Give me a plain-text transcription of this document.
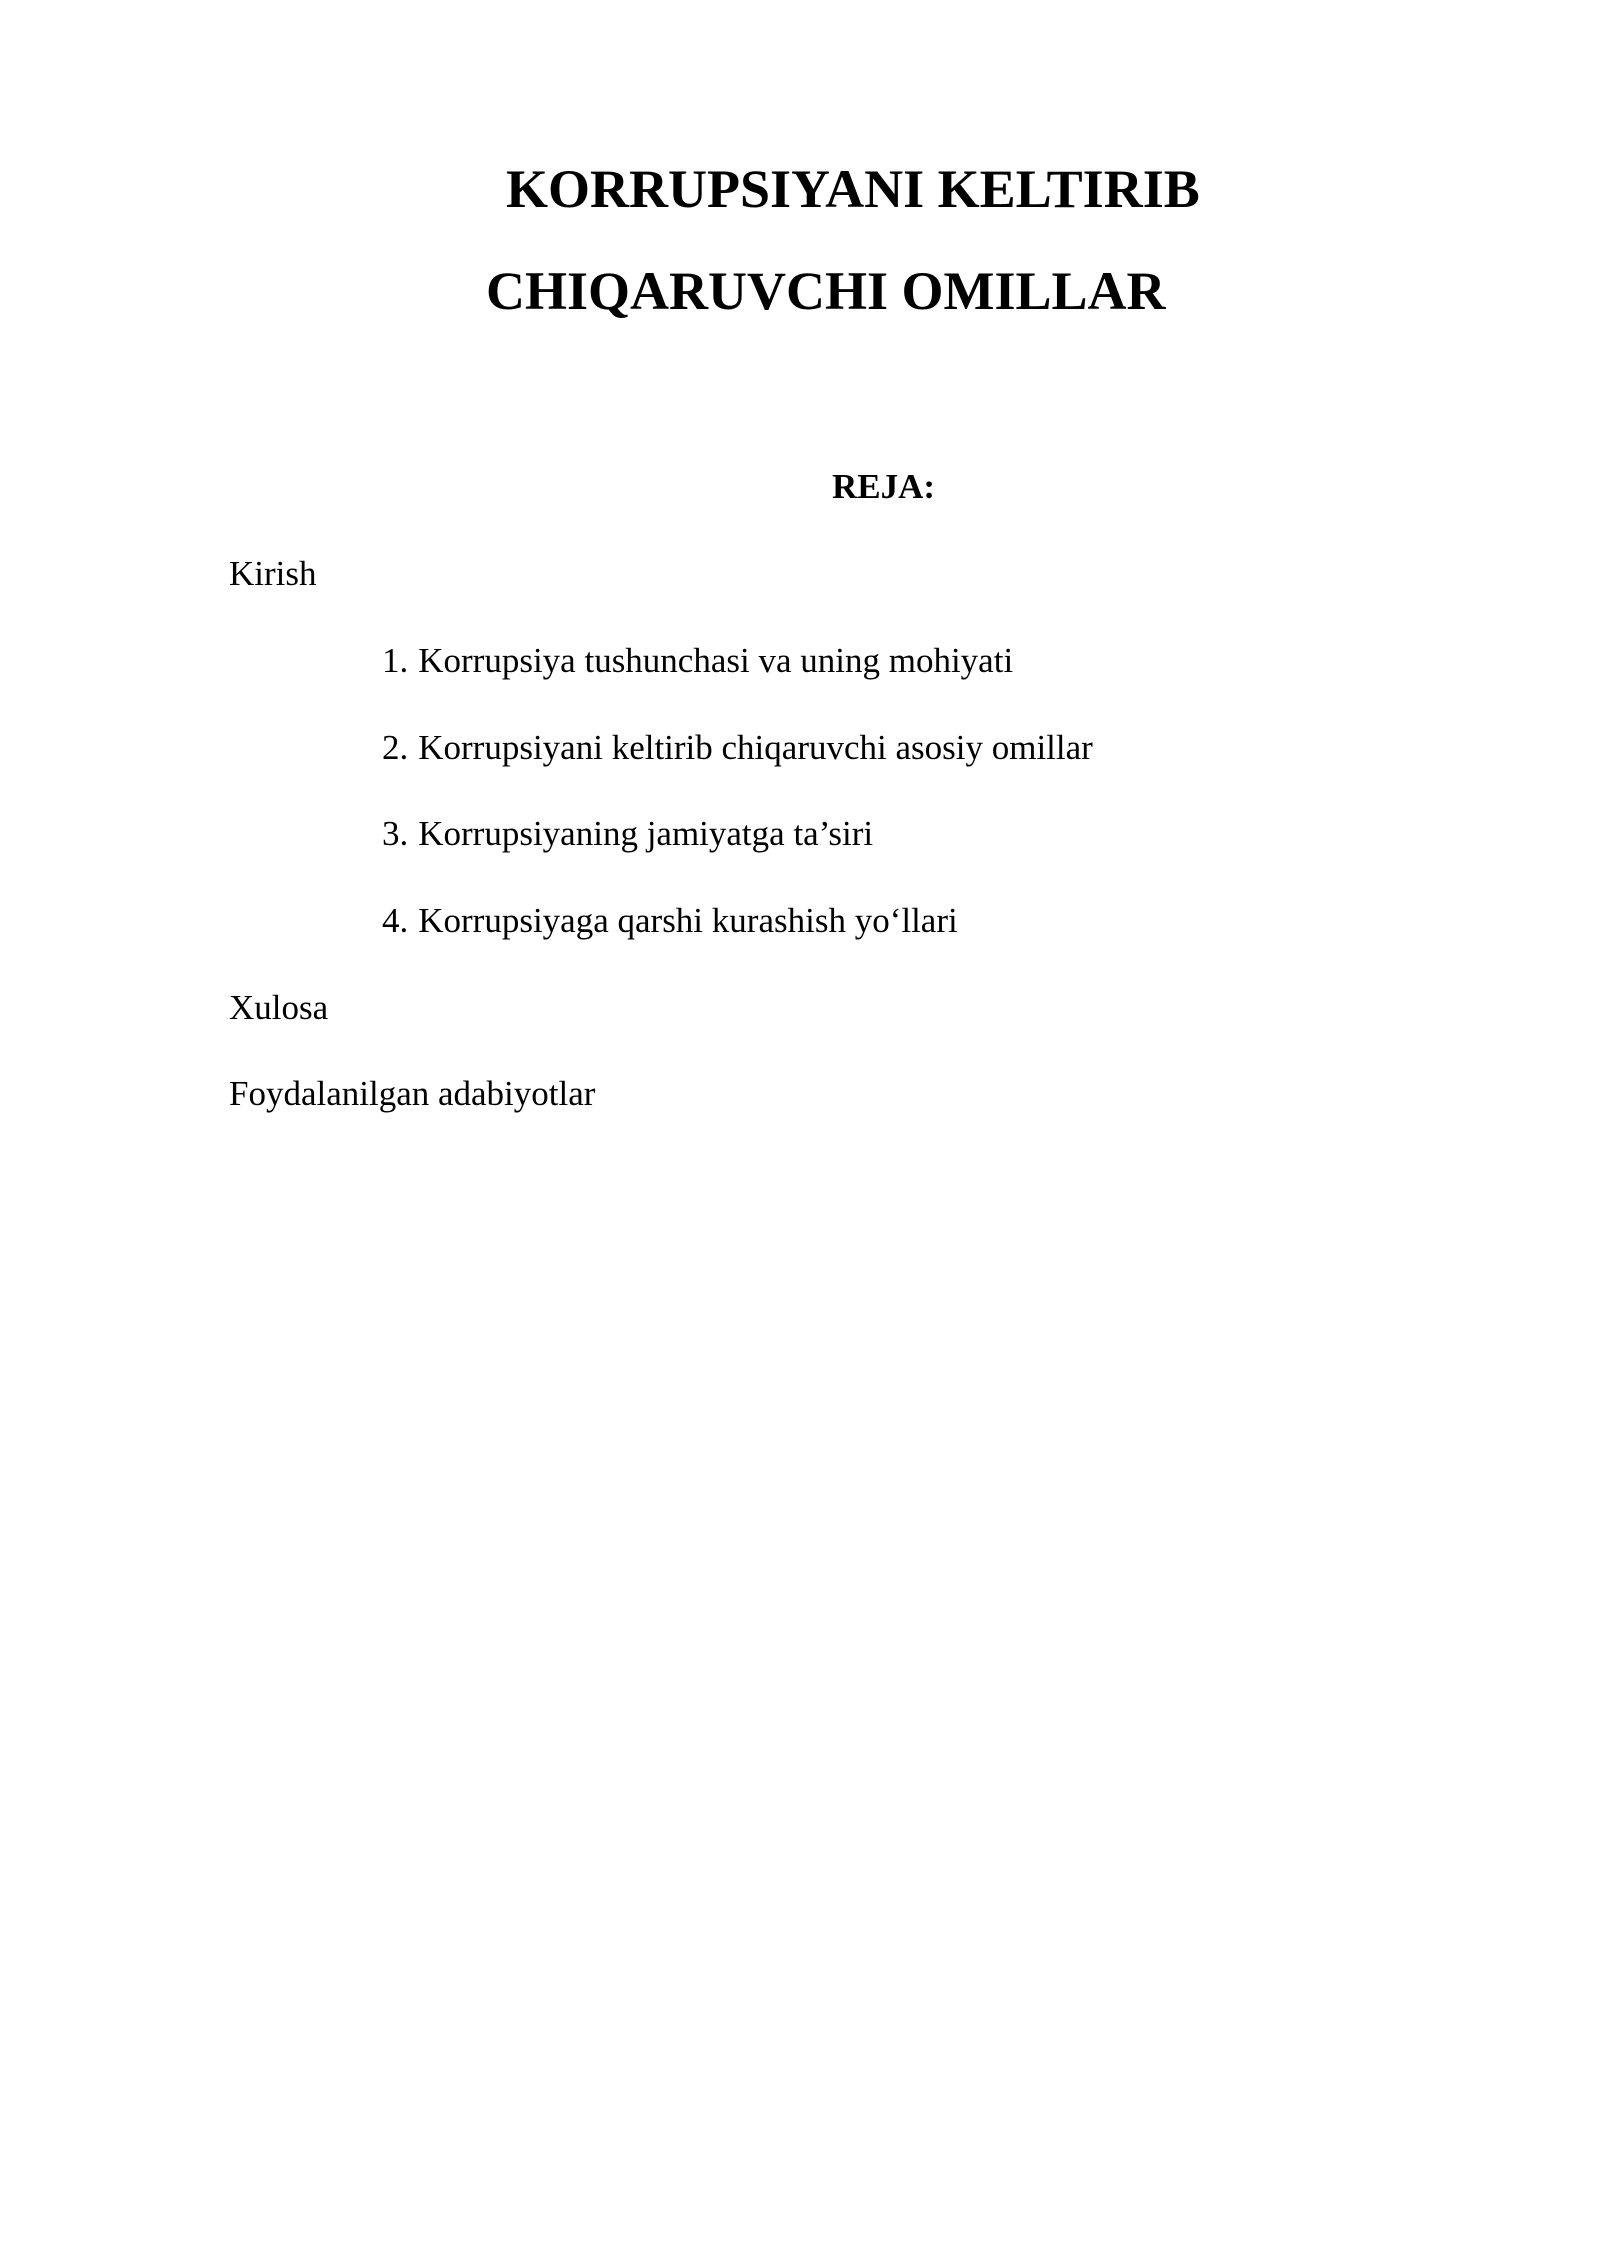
KORRUPSIYANI KELTIRIB
CHIQARUVCHI OMILLAR
REJA:

Kirish

1. Korrupsiya tushunchasi va uning mohiyati

2. Korrupsiyani keltirib chiqaruvchi asosiy omillar

3. Korrupsiyaning jamiyatga ta’siri

4. Korrupsiyaga qarshi kurashish yo‘llari

Xulosa

Foydalanilgan adabiyotlar
